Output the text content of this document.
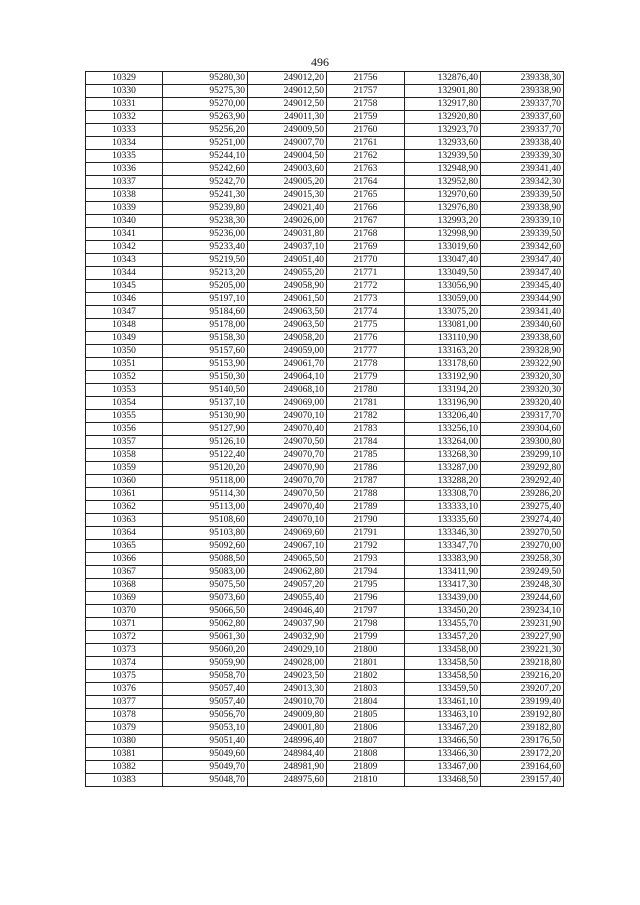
496
10329	95280,30	249012,20	21756	132876,40	239338,30
10330	95275,30	249012,50	21757	132901,80	239338,90
10331	95270,00	249012,50	21758	132917,80	239337,70
10332	95263,90	249011,30	21759	132920,80	239337,60
10333	95256,20	249009,50	21760	132923,70	239337,70
10334	95251,00	249007,70	21761	132933,60	239338,40
10335	95244,10	249004,50	21762	132939,50	239339,30
10336	95242,60	249003,60	21763	132948,90	239341,40
10337	95242,70	249005,20	21764	132952,80	239342,30
10338	95241,30	249015,30	21765	132970,60	239339,50
10339	95239,80	249021,40	21766	132976,80	239338,90
10340	95238,30	249026,00	21767	132993,20	239339,10
10341	95236,00	249031,80	21768	132998,90	239339,50
10342	95233,40	249037,10	21769	133019,60	239342,60
10343	95219,50	249051,40	21770	133047,40	239347,40
10344	95213,20	249055,20	21771	133049,50	239347,40
10345	95205,00	249058,90	21772	133056,90	239345,40
10346	95197,10	249061,50	21773	133059,00	239344,90
10347	95184,60	249063,50	21774	133075,20	239341,40
10348	95178,00	249063,50	21775	133081,00	239340,60
10349	95158,30	249058,20	21776	133110,90	239338,60
10350	95157,60	249059,00	21777	133163,20	239328,90
10351	95153,90	249061,70	21778	133178,60	239322,90
10352	95150,30	249064,10	21779	133192,90	239320,30
10353	95140,50	249068,10	21780	133194,20	239320,30
10354	95137,10	249069,00	21781	133196,90	239320,40
10355	95130,90	249070,10	21782	133206,40	239317,70
10356	95127,90	249070,40	21783	133256,10	239304,60
10357	95126,10	249070,50	21784	133264,00	239300,80
10358	95122,40	249070,70	21785	133268,30	239299,10
10359	95120,20	249070,90	21786	133287,00	239292,80
10360	95118,00	249070,70	21787	133288,20	239292,40
10361	95114,30	249070,50	21788	133308,70	239286,20
10362	95113,00	249070,40	21789	133333,10	239275,40
10363	95108,60	249070,10	21790	133335,60	239274,40
10364	95103,80	249069,60	21791	133346,30	239270,50
10365	95092,60	249067,10	21792	133347,70	239270,00
10366	95088,50	249065,50	21793	133383,90	239258,30
10367	95083,00	249062,80	21794	133411,90	239249,50
10368	95075,50	249057,20	21795	133417,30	239248,30
10369	95073,60	249055,40	21796	133439,00	239244,60
10370	95066,50	249046,40	21797	133450,20	239234,10
10371	95062,80	249037,90	21798	133455,70	239231,90
10372	95061,30	249032,90	21799	133457,20	239227,90
10373	95060,20	249029,10	21800	133458,00	239221,30
10374	95059,90	249028,00	21801	133458,50	239218,80
10375	95058,70	249023,50	21802	133458,50	239216,20
10376	95057,40	249013,30	21803	133459,50	239207,20
10377	95057,40	249010,70	21804	133461,10	239199,40
10378	95056,70	249009,80	21805	133463,10	239192,80
10379	95053,10	249001,80	21806	133467,20	239182,80
10380	95051,40	248996,40	21807	133466,50	239176,50
10381	95049,60	248984,40	21808	133466,30	239172,20
10382	95049,70	248981,90	21809	133467,00	239164,60
10383	95048,70	248975,60	21810	133468,50	239157,40
